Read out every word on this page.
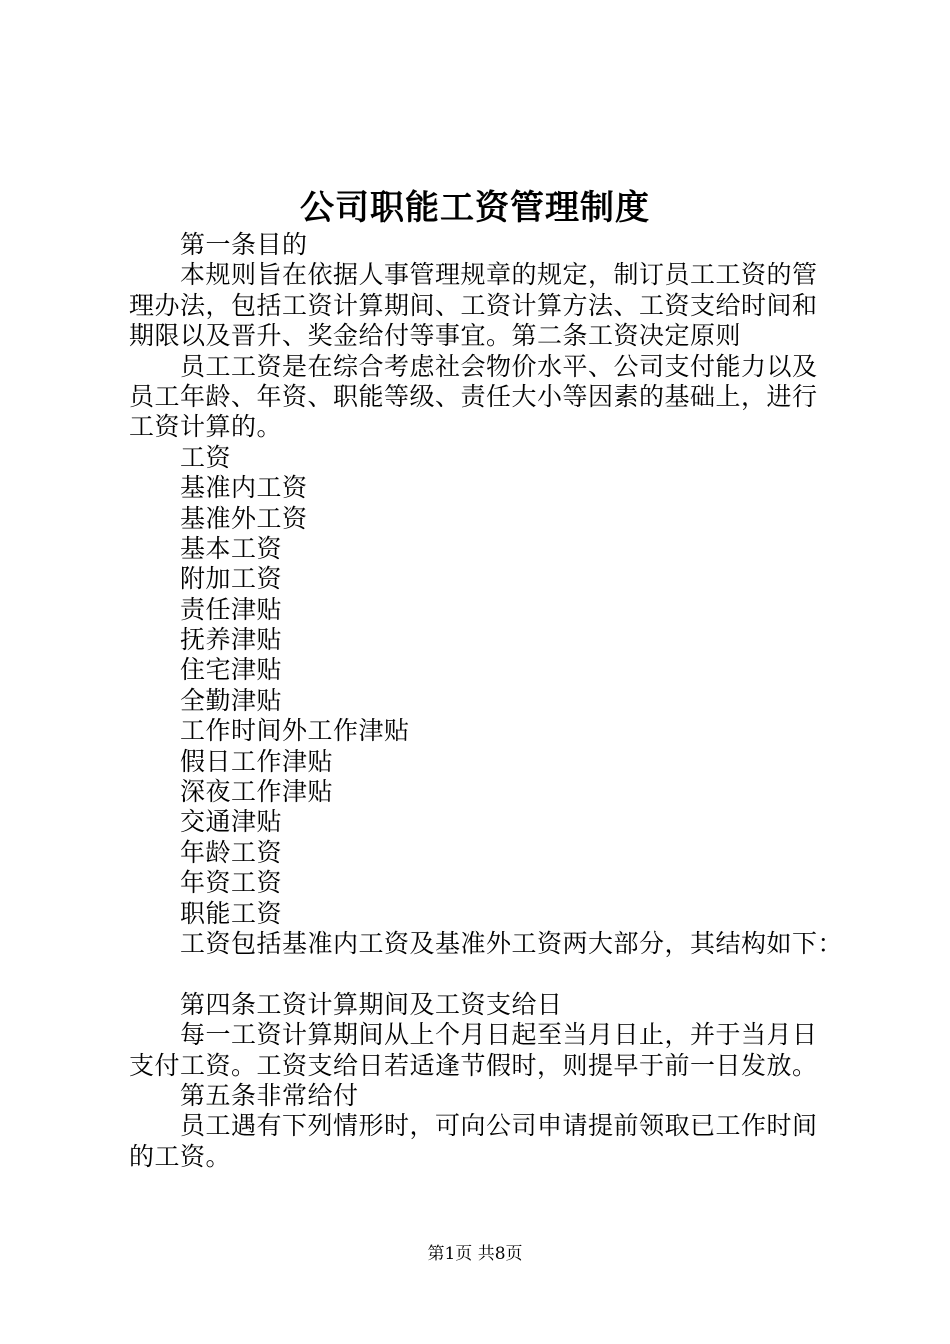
公司职能工资管理制度
第一条目的
本规则旨在依据人事管理规章的规定，制订员工工资的管
理办法，包括工资计算期间、工资计算方法、工资支给时间和
期限以及晋升、奖金给付等事宜。第二条工资决定原则
员工工资是在综合考虑社会物价水平、公司支付能力以及
员工年龄、年资、职能等级、责任大小等因素的基础上，进行
工资计算的。
工资
基准内工资
基准外工资
基本工资
附加工资
责任津贴
抚养津贴
住宅津贴
全勤津贴
工作时间外工作津贴
假日工作津贴
深夜工作津贴
交通津贴
年龄工资
年资工资
职能工资
工资包括基准内工资及基准外工资两大部分，其结构如下：
第四条工资计算期间及工资支给日
每一工资计算期间从上个月日起至当月日止，并于当月日
支付工资。工资支给日若适逢节假时，则提早于前一日发放。
第五条非常给付
员工遇有下列情形时，可向公司申请提前领取已工作时间
的工资。
第1页 共8页
